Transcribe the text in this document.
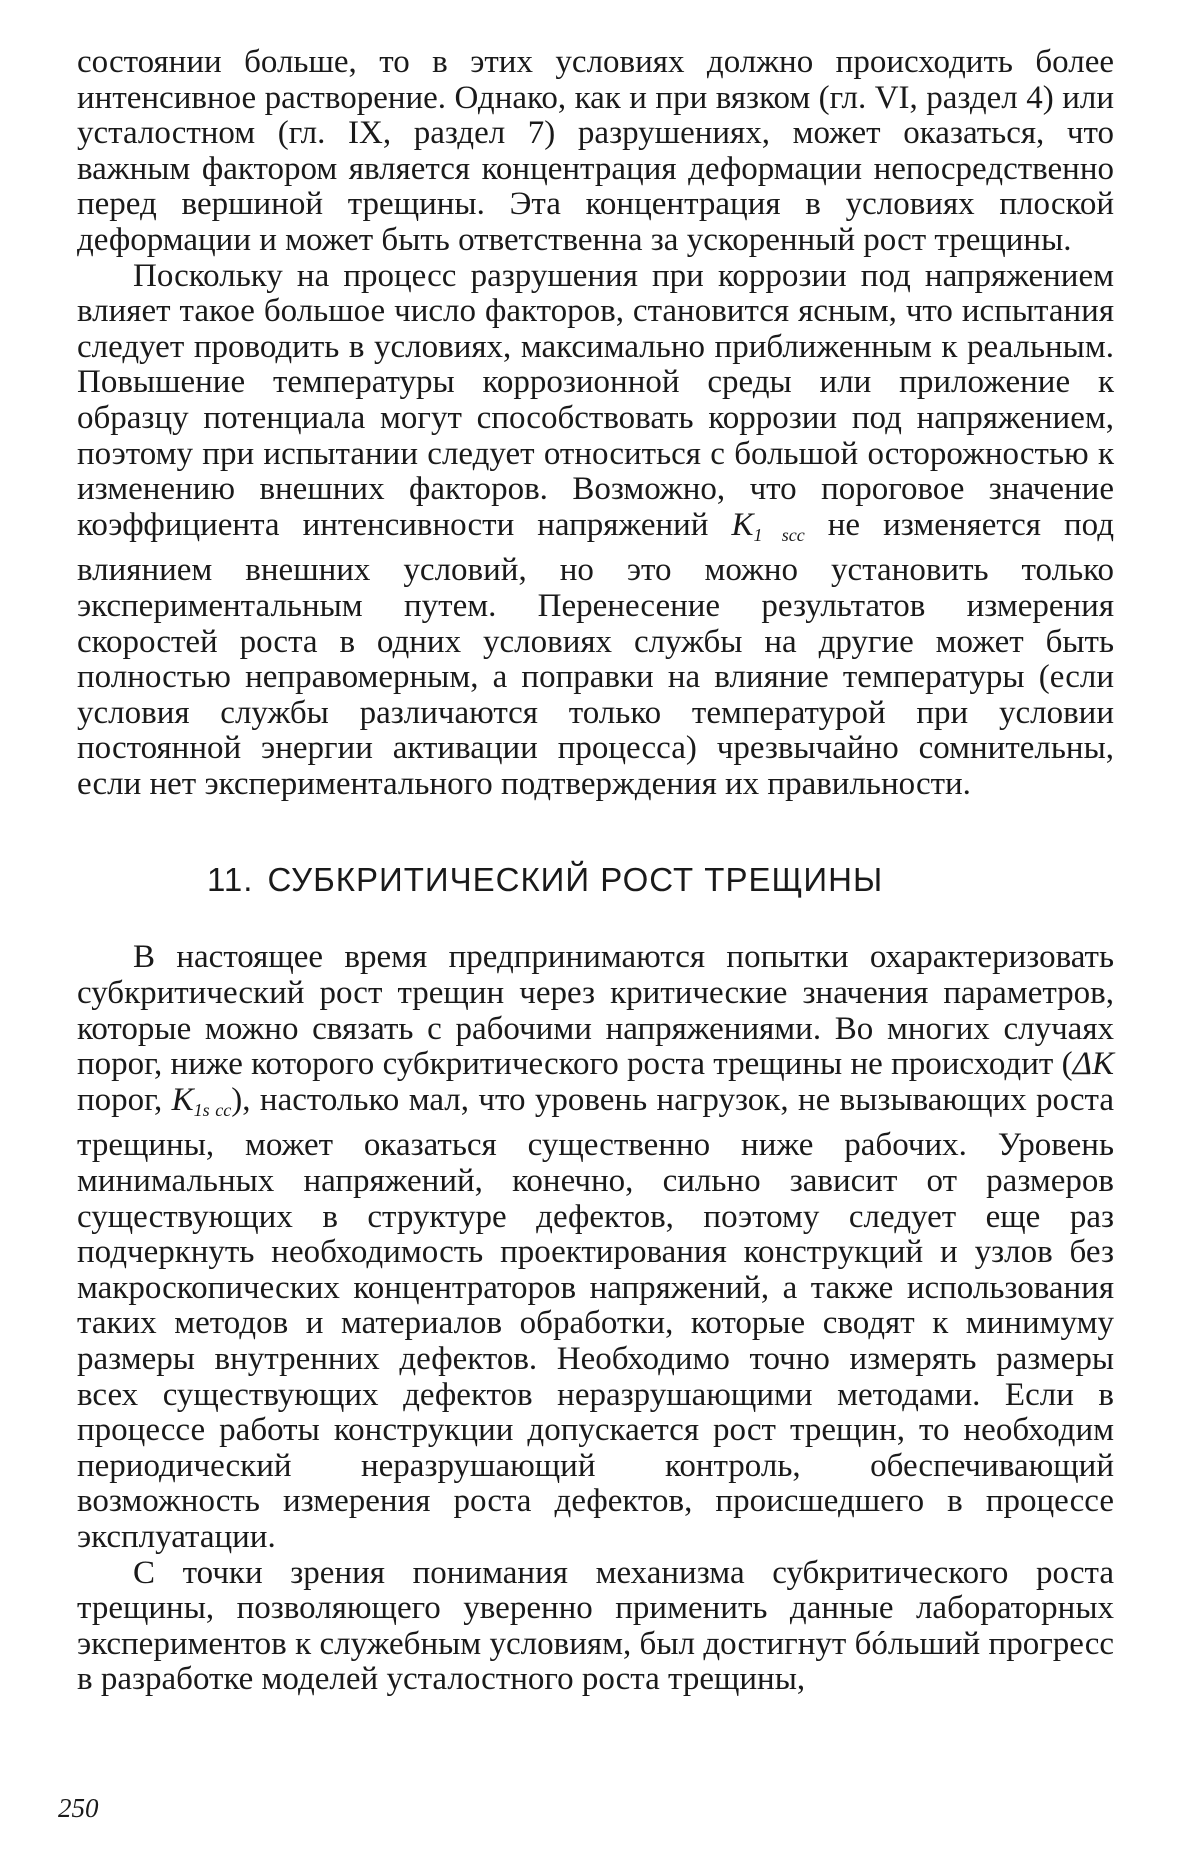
состоянии больше, то в этих условиях должно происходить более интенсивное растворение. Однако, как и при вязком (гл. VI, раздел 4) или усталостном (гл. IX, раздел 7) разрушениях, может оказаться, что важным фактором является концентрация деформации непосредственно перед вершиной трещины. Эта концентрация в условиях плоской деформации и может быть ответственна за ускоренный рост трещины.

Поскольку на процесс разрушения при коррозии под напряжением влияет такое большое число факторов, становится ясным, что испытания следует проводить в условиях, максимально приближенным к реальным. Повышение температуры коррозионной среды или приложение к образцу потенциала могут способствовать коррозии под напряжением, поэтому при испытании следует относиться с большой осторожностью к изменению внешних факторов. Возможно, что пороговое значение коэффициента интенсивности напряжений $K_{1 scc}$ не изменяется под влиянием внешних условий, но это можно установить только экспериментальным путем. Перенесение результатов измерения скоростей роста в одних условиях службы на другие может быть полностью неправомерным, а поправки на влияние температуры (если условия службы различаются только температурой при условии постоянной энергии активации процесса) чрезвычайно сомнительны, если нет экспериментального подтверждения их правильности.

11. СУБКРИТИЧЕСКИЙ РОСТ ТРЕЩИНЫ

В настоящее время предпринимаются попытки охарактеризовать субкритический рост трещин через критические значения параметров, которые можно связать с рабочими напряжениями. Во многих случаях порог, ниже которого субкритического роста трещины не происходит (ΔK порог, $K_{1s cc}$), настолько мал, что уровень нагрузок, не вызывающих роста трещины, может оказаться существенно ниже рабочих. Уровень минимальных напряжений, конечно, сильно зависит от размеров существующих в структуре дефектов, поэтому следует еще раз подчеркнуть необходимость проектирования конструкций и узлов без макроскопических концентраторов напряжений, а также использования таких методов и материалов обработки, которые сводят к минимуму размеры внутренних дефектов. Необходимо точно измерять размеры всех существующих дефектов неразрушающими методами. Если в процессе работы конструкции допускается рост трещин, то необходим периодический неразрушающий контроль, обеспечивающий возможность измерения роста дефектов, происшедшего в процессе эксплуатации.

С точки зрения понимания механизма субкритического роста трещины, позволяющего уверенно применить данные лабораторных экспериментов к служебным условиям, был достигнут бóльший прогресс в разработке моделей усталостного роста трещины,

250
